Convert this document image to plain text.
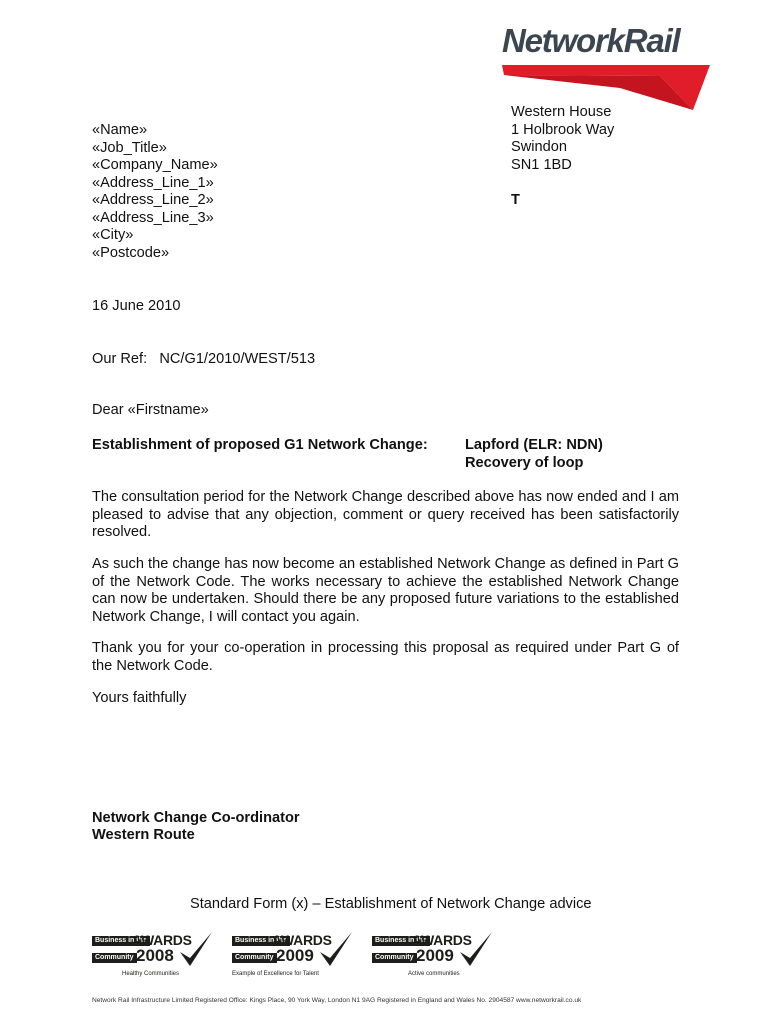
NetworkRail
Western House
1 Holbrook Way
Swindon
SN1 1BD
T
«Name»
«Job_Title»
«Company_Name»
«Address_Line_1»
«Address_Line_2»
«Address_Line_3»
«City»
«Postcode»
16 June 2010
Our Ref: NC/G1/2010/WEST/513
Dear «Firstname»
Establishment of proposed G1 Network Change:	Lapford (ELR: NDN)
Recovery of loop
The consultation period for the Network Change described above has now ended and I am pleased to advise that any objection, comment or query received has been satisfactorily resolved.
As such the change has now become an established Network Change as defined in Part G of the Network Code. The works necessary to achieve the established Network Change can now be undertaken. Should there be any proposed future variations to the established Network Change, I will contact you again.
Thank you for your co-operation in processing this proposal as required under Part G of the Network Code.
Yours faithfully
Network Change Co-ordinator
Western Route
Standard Form (x) – Establishment of Network Change advice
Business in the
Community
AWARDS
2008
Healthy Communities
Business in the
Community
AWARDS
2009
Example of Excellence for Talent
Business in the
Community
AWARDS
2009
Active communities
Network Rail Infrastructure Limited Registered Office: Kings Place, 90 York Way, London N1 9AG Registered in England and Wales No. 2904587 www.networkrail.co.uk
